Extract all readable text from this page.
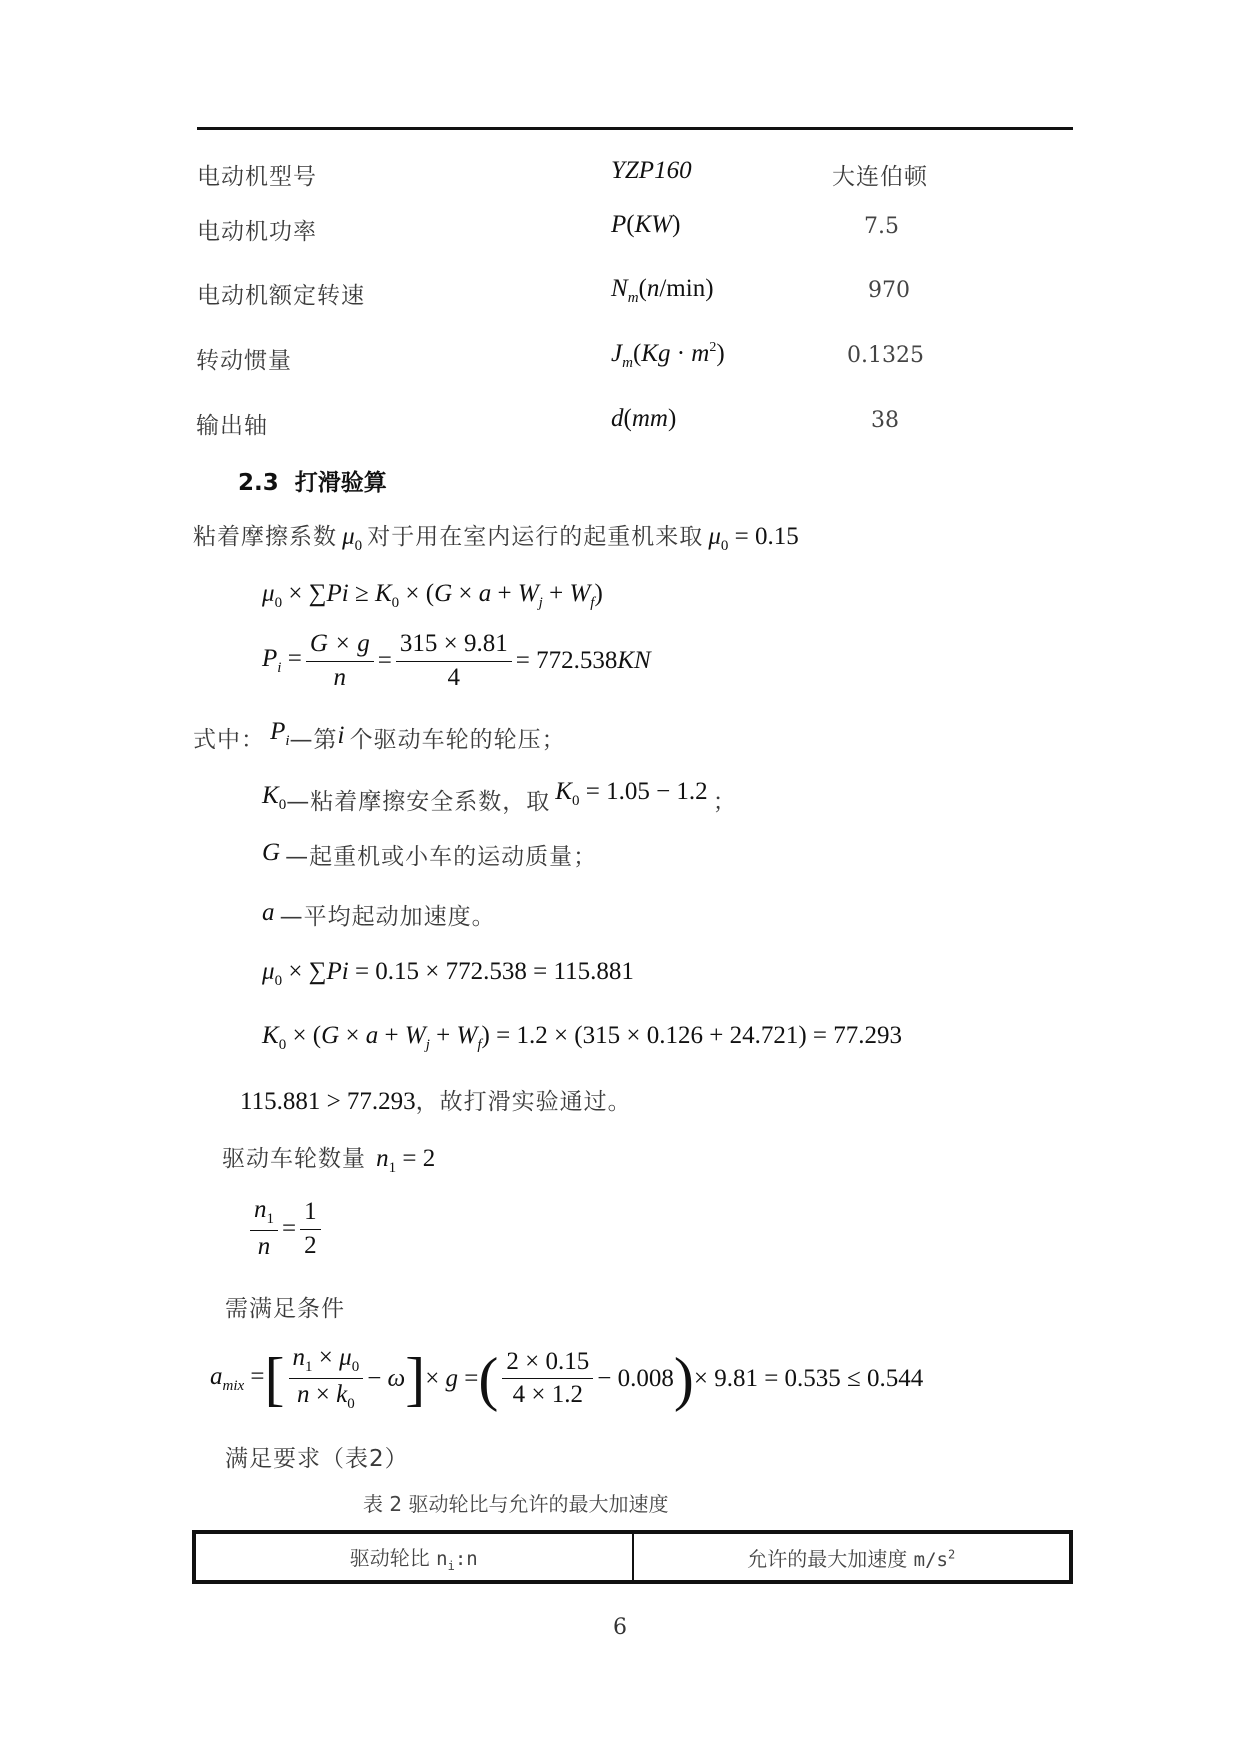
电动机型号	YZP160	大连伯顿
电动机功率	P(KW)	7.5
电动机额定转速	$N_m(n/\min)$	970
转动惯量	$J_m(Kg \cdot m^2)$	0.1325
输出轴	d(mm)	38
2.3 打滑验算
粘着摩擦系数 $\mu_0$ 对于用在室内运行的起重机来取 $\mu_0 = 0.15$
$\mu_0 \times \sum Pi \ge K_0 \times (G \times a + W_j + W_f)$
$P_i = \frac{G \times g}{n} = \frac{315 \times 9.81}{4} = 772.538KN$
式中： $P_i—$第i 个驱动车轮的轮压；
$K_0—$粘着摩擦安全系数，取 $K_0 = 1.05 - 1.2$ ；
G —起重机或小车的运动质量；
a —平均起动加速度。
$\mu_0 \times \sum Pi = 0.15 \times 772.538 = 115.881$
$K_0 \times (G \times a + W_j + W_f) = 1.2 \times (315 \times 0.126 + 24.721) = 77.293$
115.881 > 77.293，故打滑实验通过。
驱动车轮数量 $n_1 = 2$
$\frac{n_1}{n} = \frac{1}{2}$
需满足条件
$a_{mix}$ = [ $\frac{n_1 \times \mu_0}{n \times k_0} - \omega$ ] × g = ( $\frac{2 \times 0.15}{4 \times 1.2} - 0.008$ ) × 9.81 = 0.535 ≤ 0.544
满足要求（表2）
表 2 驱动轮比与允许的最大加速度
驱动轮比 $n_i:n$	允许的最大加速度 $m/s^2$
6
